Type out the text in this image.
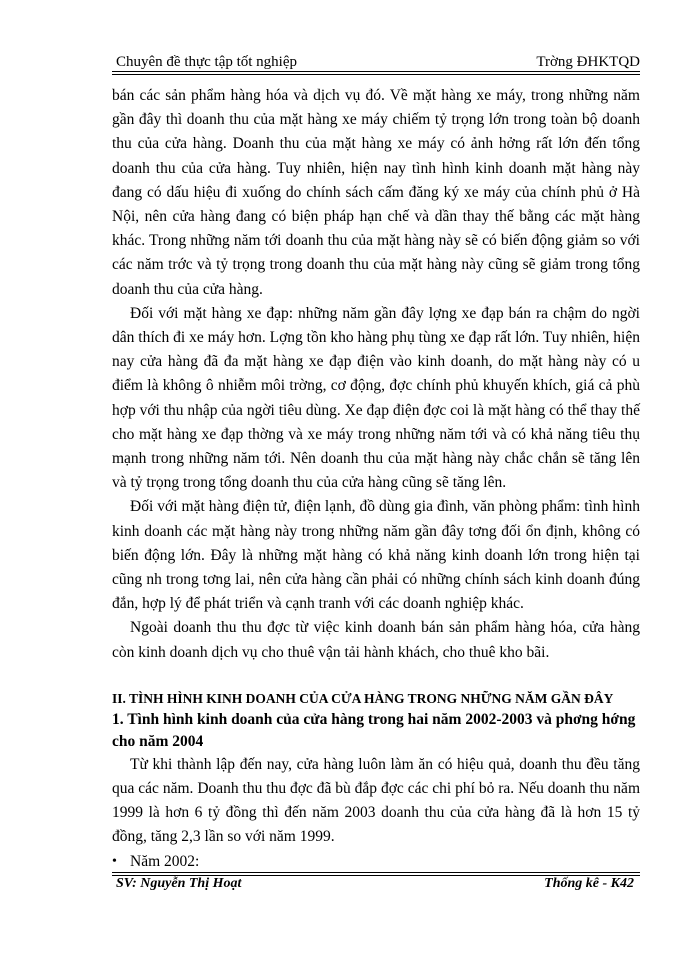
Chuyên đề thực tập tốt nghiệp	Trờng ĐHKTQD

bán các sản phẩm hàng hóa và dịch vụ đó. Về mặt hàng xe máy, trong những năm gần đây thì doanh thu của mặt hàng xe máy chiếm tỷ trọng lớn trong toàn bộ doanh thu của cửa hàng. Doanh thu của mặt hàng xe máy có ảnh hởng rất lớn đến tổng doanh thu của cửa hàng. Tuy nhiên, hiện nay tình hình kinh doanh mặt hàng này đang có dấu hiệu đi xuống do chính sách cấm đăng ký xe máy của chính phủ ở Hà Nội, nên cửa hàng đang có biện pháp hạn chế và dần thay thế bằng các mặt hàng khác. Trong những năm tới doanh thu của mặt hàng này sẽ có biến động giảm so với các năm trớc và tỷ trọng trong doanh thu của mặt hàng này cũng sẽ giảm trong tổng doanh thu của cửa hàng.

Đối với mặt hàng xe đạp: những năm gần đây lợng xe đạp bán ra chậm do ngời dân thích đi xe máy hơn. Lợng tồn kho hàng phụ tùng xe đạp rất lớn. Tuy nhiên, hiện nay cửa hàng đã đa mặt hàng xe đạp điện vào kinh doanh, do mặt hàng này có u điểm là không ô nhiễm môi trờng, cơ động, đợc chính phủ khuyến khích, giá cả phù hợp với thu nhập của ngời tiêu dùng. Xe đạp điện đợc coi là mặt hàng có thể thay thế cho mặt hàng xe đạp thờng và xe máy trong những năm tới và có khả năng tiêu thụ mạnh trong những năm tới. Nên doanh thu của mặt hàng này chắc chắn sẽ tăng lên và tỷ trọng trong tổng doanh thu của cửa hàng cũng sẽ tăng lên.

Đối với mặt hàng điện tử, điện lạnh, đồ dùng gia đình, văn phòng phẩm: tình hình kinh doanh các mặt hàng này trong những năm gần đây tơng đối ổn định, không có biến động lớn. Đây là những mặt hàng có khả năng kinh doanh lớn trong hiện tại cũng nh trong tơng lai, nên cửa hàng cần phải có những chính sách kinh doanh đúng đắn, hợp lý để phát triển và cạnh tranh với các doanh nghiệp khác.

Ngoài doanh thu thu đợc từ việc kinh doanh bán sản phẩm hàng hóa, cửa hàng còn kinh doanh dịch vụ cho thuê vận tải hành khách, cho thuê kho bãi.

II. TÌNH HÌNH KINH DOANH CỦA CỬA HÀNG TRONG NHỮNG NĂM GẦN ĐÂY
1. Tình hình kinh doanh của cửa hàng trong hai năm 2002-2003 và phơng hớng cho năm 2004

Từ khi thành lập đến nay, cửa hàng luôn làm ăn có hiệu quả, doanh thu đều tăng qua các năm. Doanh thu thu đợc đã bù đắp đợc các chi phí bỏ ra. Nếu doanh thu năm 1999 là hơn 6 tỷ đồng thì đến năm 2003 doanh thu của cửa hàng đã là hơn 15 tỷ đồng, tăng 2,3 lần so với năm 1999.

• Năm 2002:
SV: Nguyễn Thị Hoạt	Thống kê - K42
